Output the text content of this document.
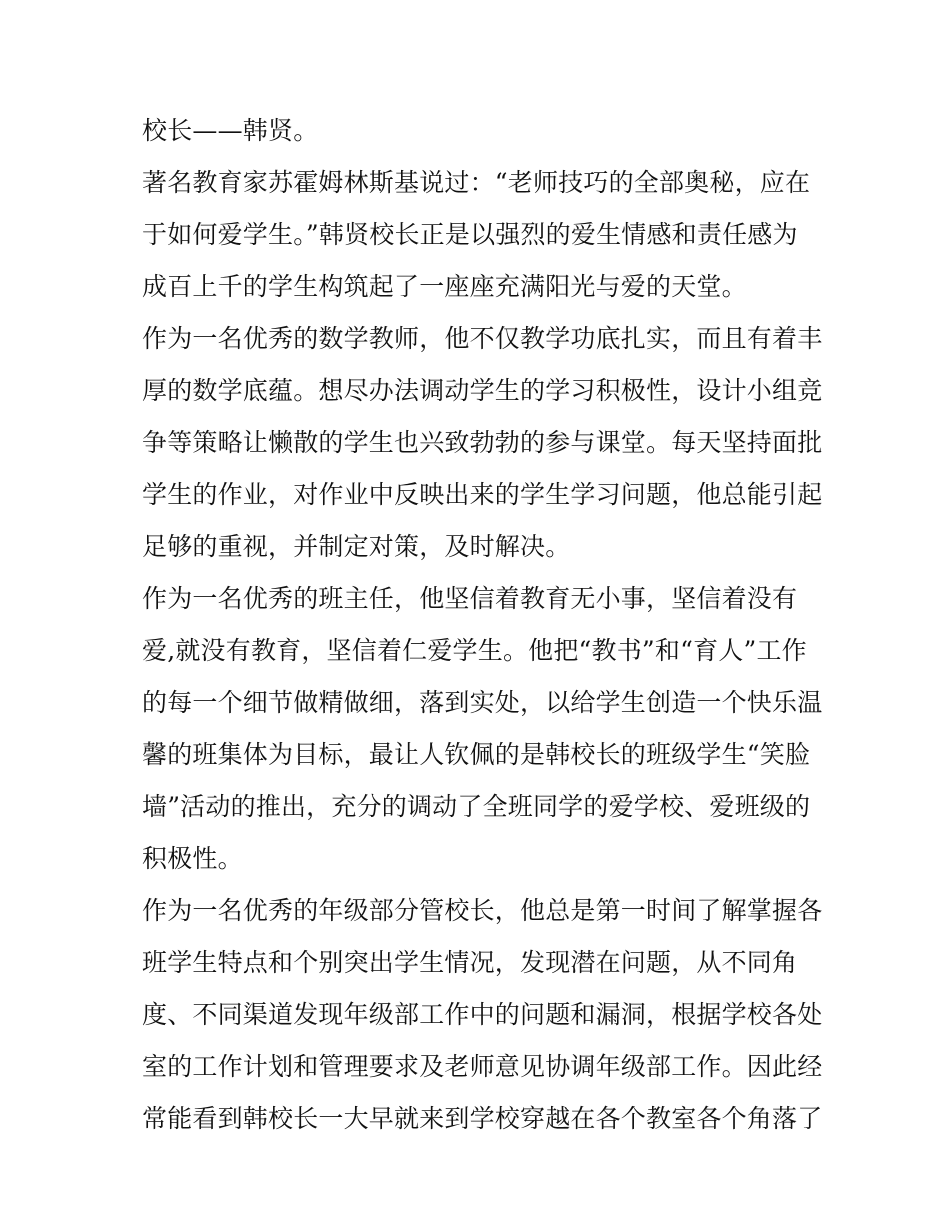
校长——韩贤。
著名教育家苏霍姆林斯基说过：“老师技巧的全部奥秘，应在
于如何爱学生。”韩贤校长正是以强烈的爱生情感和责任感为
成百上千的学生构筑起了一座座充满阳光与爱的天堂。
作为一名优秀的数学教师，他不仅教学功底扎实，而且有着丰
厚的数学底蕴。想尽办法调动学生的学习积极性，设计小组竞
争等策略让懒散的学生也兴致勃勃的参与课堂。每天坚持面批
学生的作业，对作业中反映出来的学生学习问题，他总能引起
足够的重视，并制定对策，及时解决。
作为一名优秀的班主任，他坚信着教育无小事，坚信着没有
爱,就没有教育，坚信着仁爱学生。他把“教书”和“育人”工作
的每一个细节做精做细，落到实处，以给学生创造一个快乐温
馨的班集体为目标，最让人钦佩的是韩校长的班级学生“笑脸
墙”活动的推出，充分的调动了全班同学的爱学校、爱班级的
积极性。
作为一名优秀的年级部分管校长，他总是第一时间了解掌握各
班学生特点和个别突出学生情况，发现潜在问题，从不同角
度、不同渠道发现年级部工作中的问题和漏洞，根据学校各处
室的工作计划和管理要求及老师意见协调年级部工作。因此经
常能看到韩校长一大早就来到学校穿越在各个教室各个角落了
